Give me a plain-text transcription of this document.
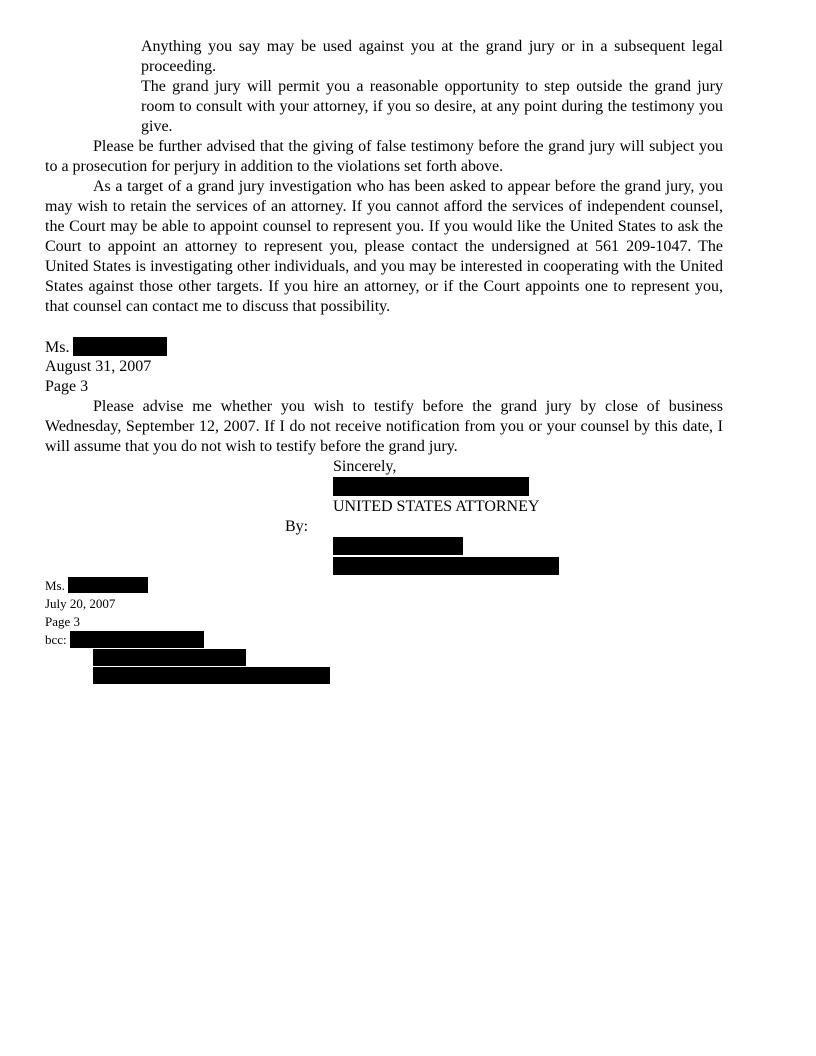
Anything you say may be used against you at the grand jury or in a subsequent legal proceeding.

The grand jury will permit you a reasonable opportunity to step outside the grand jury room to consult with your attorney, if you so desire, at any point during the testimony you give.

Please be further advised that the giving of false testimony before the grand jury will subject you to a prosecution for perjury in addition to the violations set forth above.

As a target of a grand jury investigation who has been asked to appear before the grand jury, you may wish to retain the services of an attorney. If you cannot afford the services of independent counsel, the Court may be able to appoint counsel to represent you. If you would like the United States to ask the Court to appoint an attorney to represent you, please contact the undersigned at 561 209-1047. The United States is investigating other individuals, and you may be interested in cooperating with the United States against those other targets. If you hire an attorney, or if the Court appoints one to represent you, that counsel can contact me to discuss that possibility.

Ms.
August 31, 2007
Page 3

Please advise me whether you wish to testify before the grand jury by close of business Wednesday, September 12, 2007. If I do not receive notification from you or your counsel by this date, I will assume that you do not wish to testify before the grand jury.

Sincerely,
UNITED STATES ATTORNEY
By:
Ms.
July 20, 2007
Page 3
bcc:
